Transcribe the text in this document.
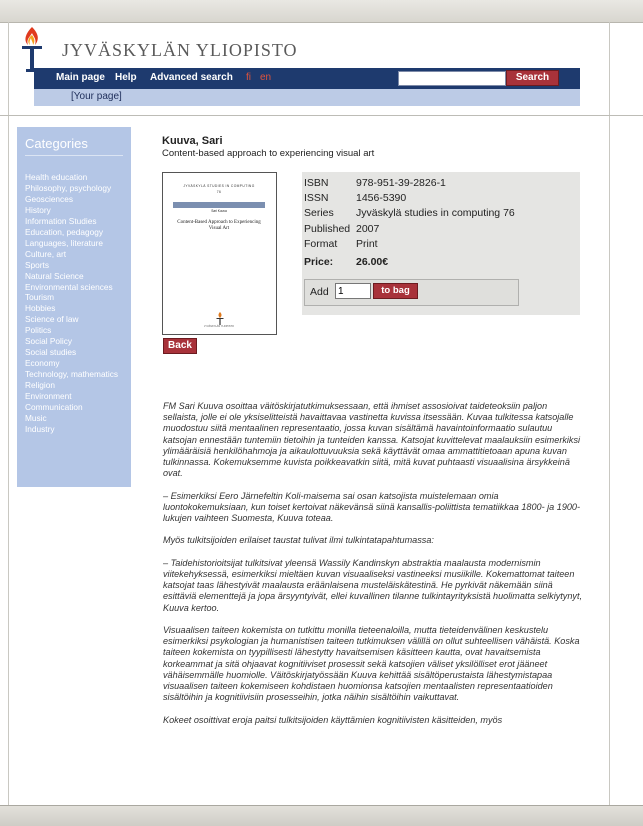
JYVÄSKYLÄN YLIOPISTO
Main page Help Advanced search fi en	Search
[Your page]
Categories
Health education
Philosophy, psychology
Geosciences
History
Information Studies
Education, pedagogy
Languages, literature
Culture, art
Sports
Natural Science
Environmental sciences
Tourism
Hobbies
Science of law
Politics
Social Policy
Social studies
Economy
Technology, mathematics
Religion
Environment
Communication
Music
Industry
Kuuva, Sari
Content-based approach to experiencing visual art
JYVÄSKYLÄ STUDIES IN COMPUTING
76
Sari Kuuva
Content-Based Approach to Experiencing Visual Art
JYVÄSKYLÄN YLIOPISTO
ISBN	978-951-39-2826-1
ISSN	1456-5390
Series Jyväskylä studies in computing 76
Published 2007
Format Print
Price: 26.00€
Add
1	to bag
Back

FM Sari Kuuva osoittaa väitöskirjatutkimuksessaan, että ihmiset assosioivat taideteoksiin paljon sellaista, jolle ei ole yksiselitteistä havaittavaa vastinetta kuvissa itsessään. Kuvaa tulkitessa katsojalle muodostuu siitä mentaalinen representaatio, jossa kuvan sisältämä havaintoinformaatio sulautuu katsojan ennestään tuntemiin tietoihin ja tunteiden kanssa. Katsojat kuvittelevat maalauksiin esimerkiksi ylimääräisiä henkilöhahmoja ja aikaulottuvuuksia sekä käyttävät omaa ammattitietoaan apuna kuvan tulkinnassa. Kokemuksemme kuvista poikkeavatkin siitä, mitä kuvat puhtaasti visuaalisina ärsykkeinä ovat.

– Esimerkiksi Eero Järnefeltin Koli-maisema sai osan katsojista muistelemaan omia luontokokemuksiaan, kun toiset kertoivat näkevänsä siinä kansallis-poliittista tematiikkaa 1800- ja 1900-lukujen vaihteen Suomesta, Kuuva toteaa.

Myös tulkitsijoiden erilaiset taustat tulivat ilmi tulkintatapahtumassa:

– Taidehistorioitsijat tulkitsivat yleensä Wassily Kandinskyn abstraktia maalausta modernismin viitekehyksessä, esimerkiksi mieltäen kuvan visuaaliseksi vastineeksi musiikille. Kokemattomat taiteen katsojat taas lähestyivät maalausta eräänlaisena musteläiskätestinä. He pyrkivät näkemään siinä esittäviä elementtejä ja jopa ärsyyntyivät, ellei kuvallinen tilanne tulkintayrityksistä huolimatta selkiytynyt, Kuuva kertoo.

Visuaalisen taiteen kokemista on tutkittu monilla tieteenaloilla, mutta tieteidenvälinen keskustelu esimerkiksi psykologian ja humanistisen taiteen tutkimuksen välillä on ollut suhteellisen vähäistä. Koska taiteen kokemista on tyypillisesti lähestytty havaitsemisen käsitteen kautta, ovat havaitsemista korkeammat ja sitä ohjaavat kognitiiviset prosessit sekä katsojien väliset yksilölliset erot jääneet vähäisemmälle huomiolle. Väitöskirjatyössään Kuuva kehittää sisältöperustaista lähestymistapaa visuaalisen taiteen kokemiseen kohdistaen huomionsa katsojien mentaalisten representaatioiden sisältöihin ja kognitiivisiin prosesseihin, jotka näihin sisältöihin vaikuttavat.

Kokeet osoittivat eroja paitsi tulkitsijoiden käyttämien kognitiivisten käsitteiden, myös
